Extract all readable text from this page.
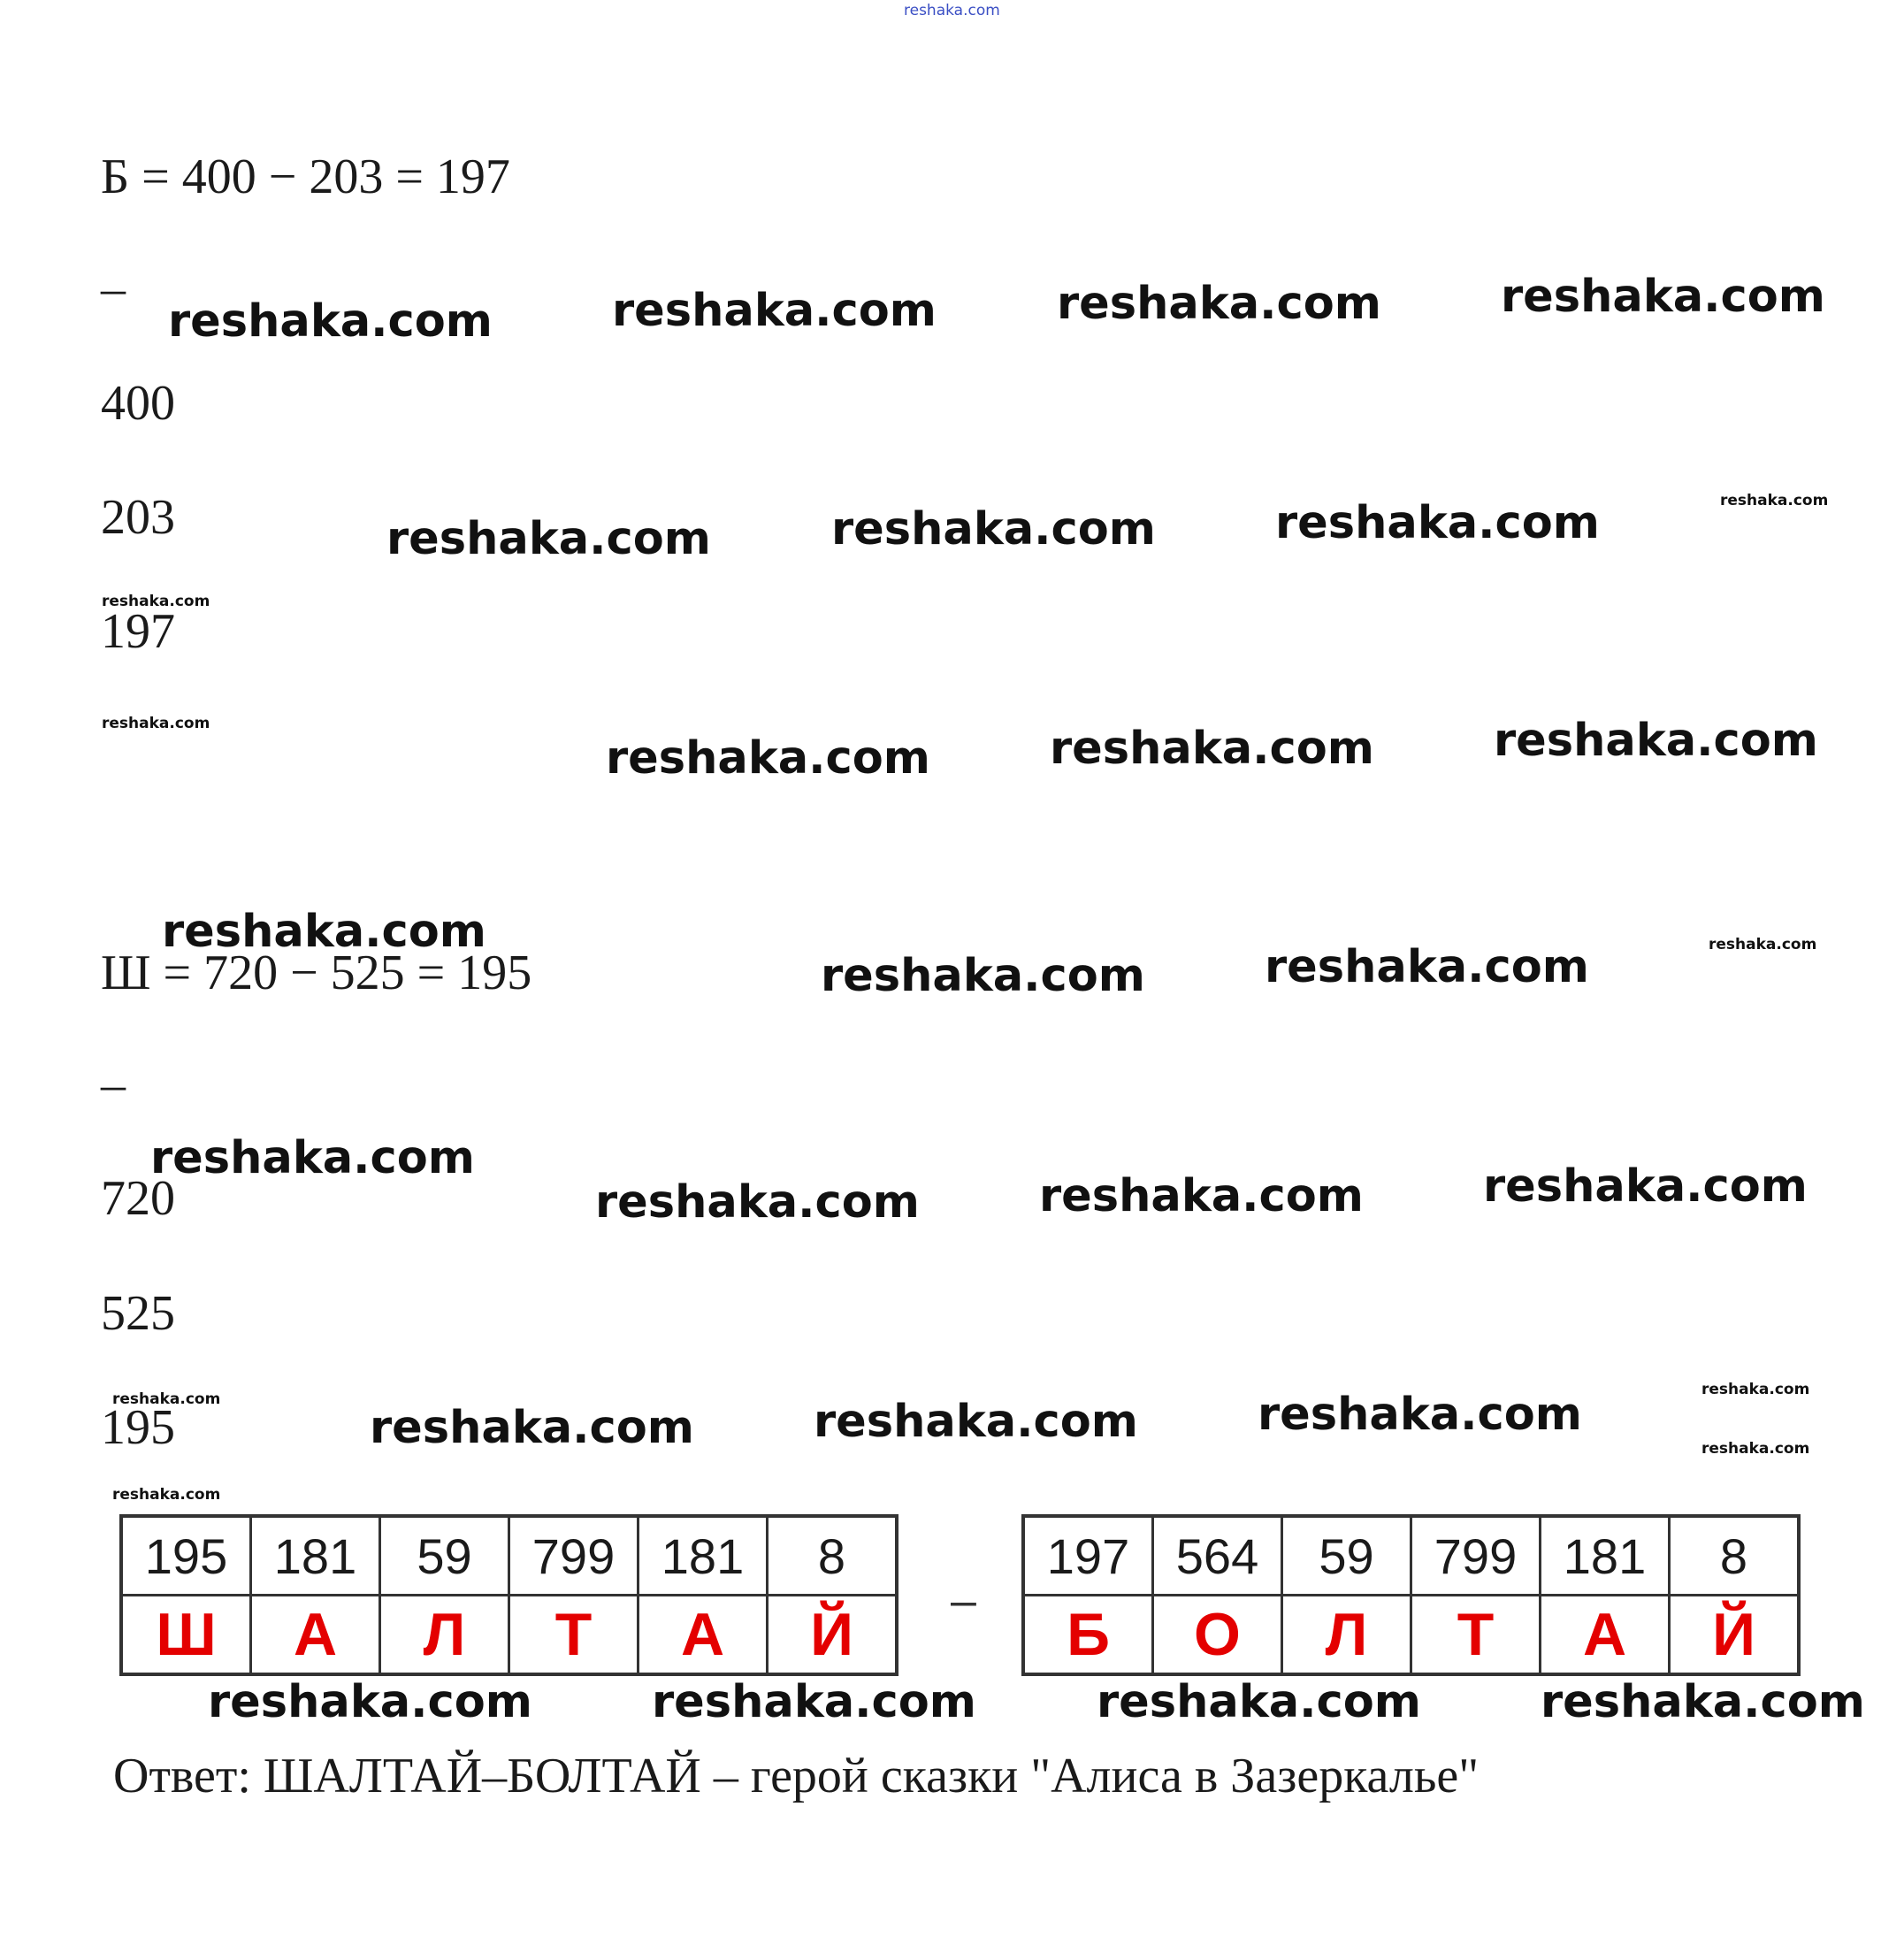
reshaka.com
Б = 400 − 203 = 197
–
400
203
197
Ш = 720 − 525 = 195
–
720
525
195
195	181	59	799	181	8
Ш	А	Л	Т	А	Й –
197	564	59	799	181	8
Б	О	Л	Т	А	Й
Ответ: ШАЛТАЙ–БОЛТАЙ – герой сказки "Алиса в Зазеркалье"
reshaka.com	reshaka.com	reshaka.com	reshaka.com
reshaka.com	reshaka.com	reshaka.com
reshaka.com	reshaka.com	reshaka.com
reshaka.com
reshaka.com	reshaka.com
reshaka.com
reshaka.com	reshaka.com	reshaka.com
reshaka.com	reshaka.com	reshaka.com
reshaka.com	reshaka.com	reshaka.com	reshaka.com
reshaka.com
reshaka.com
reshaka.com
reshaka.com
reshaka.com
reshaka.com
reshaka.com
reshaka.com
